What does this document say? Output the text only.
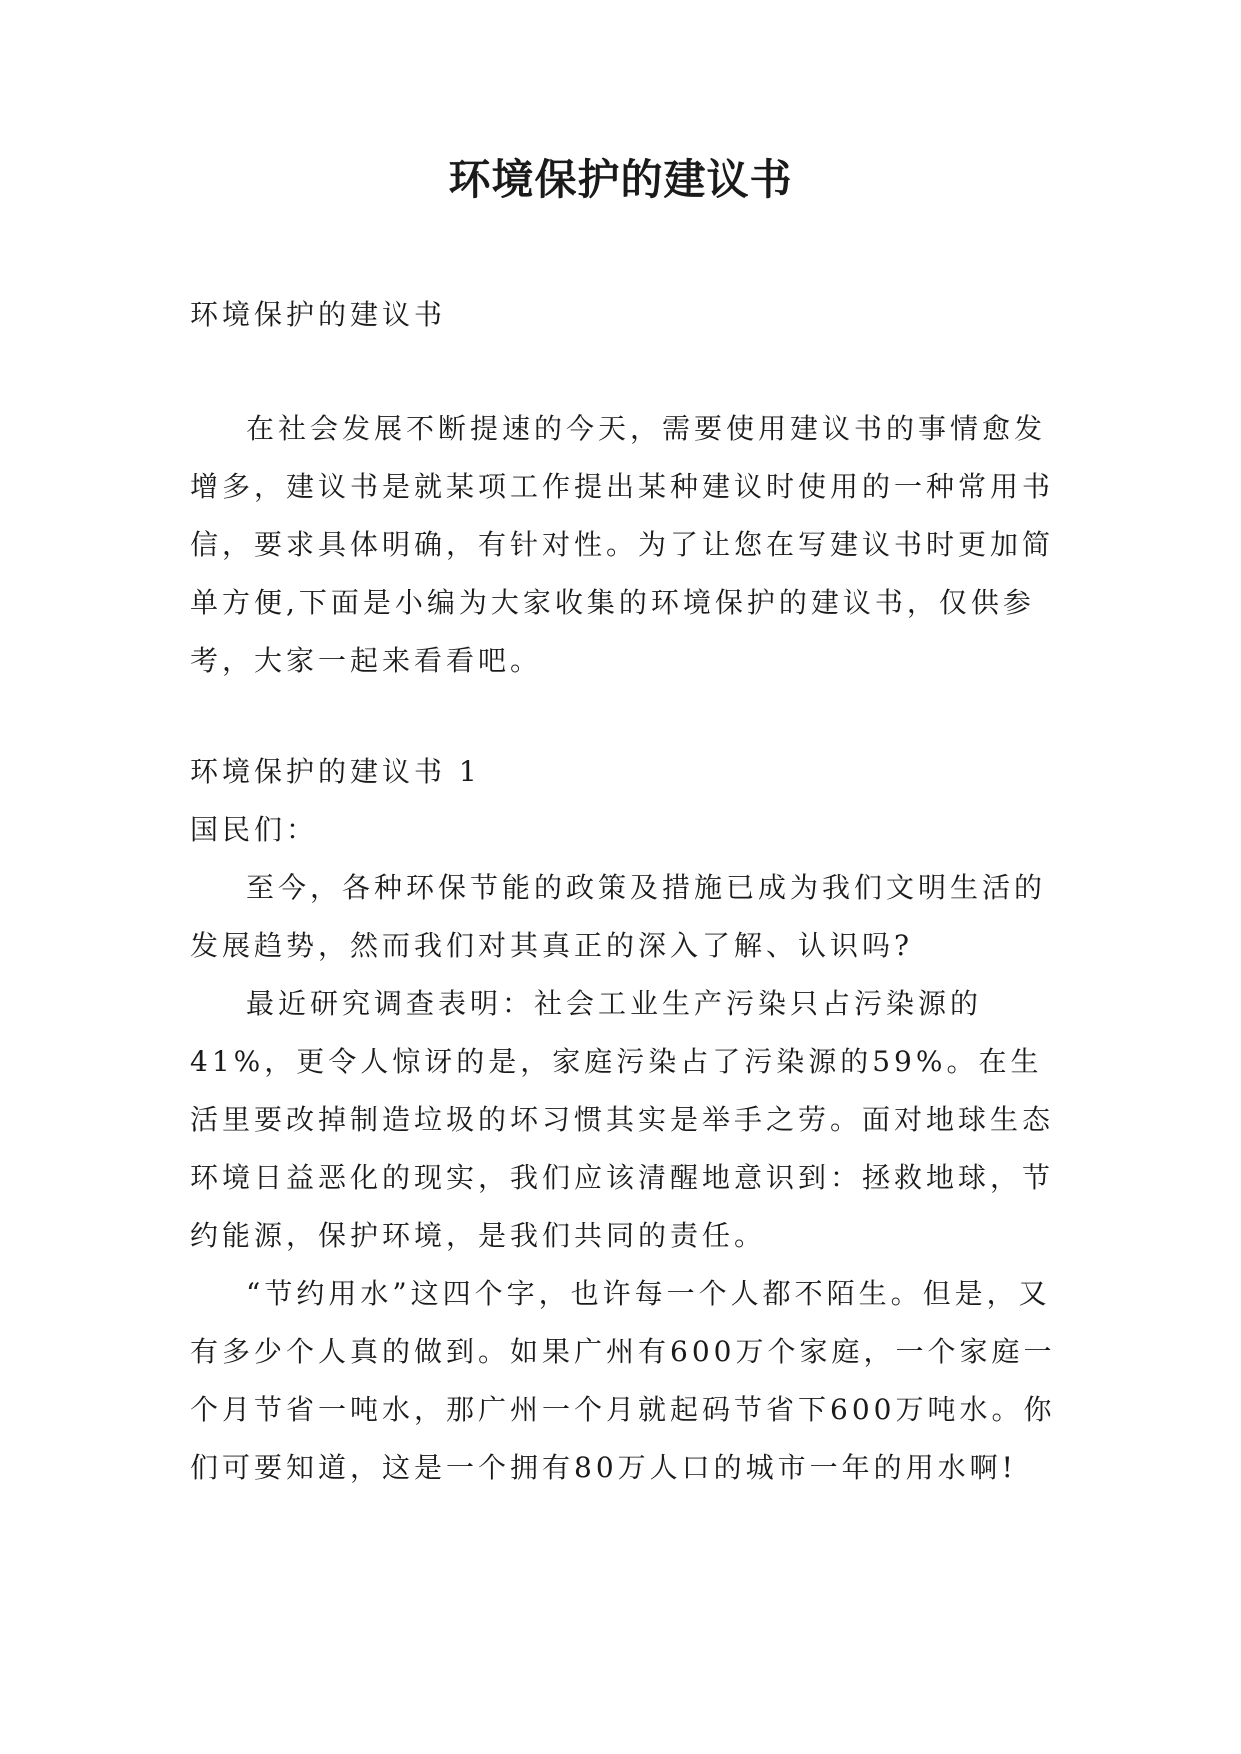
环境保护的建议书

环境保护的建议书

在社会发展不断提速的今天，需要使用建议书的事情愈发增多，建议书是就某项工作提出某种建议时使用的一种常用书信，要求具体明确，有针对性。为了让您在写建议书时更加简单方便,下面是小编为大家收集的环境保护的建议书，仅供参考，大家一起来看看吧。

环境保护的建议书 1

国民们：

至今，各种环保节能的政策及措施已成为我们文明生活的发展趋势，然而我们对其真正的深入了解、认识吗?

最近研究调查表明：社会工业生产污染只占污染源的41%，更令人惊讶的是，家庭污染占了污染源的59%。在生活里要改掉制造垃圾的坏习惯其实是举手之劳。面对地球生态环境日益恶化的现实，我们应该清醒地意识到：拯救地球，节约能源，保护环境，是我们共同的责任。

“节约用水”这四个字，也许每一个人都不陌生。但是，又有多少个人真的做到。如果广州有600万个家庭，一个家庭一个月节省一吨水，那广州一个月就起码节省下600万吨水。你们可要知道，这是一个拥有80万人口的城市一年的用水啊!
